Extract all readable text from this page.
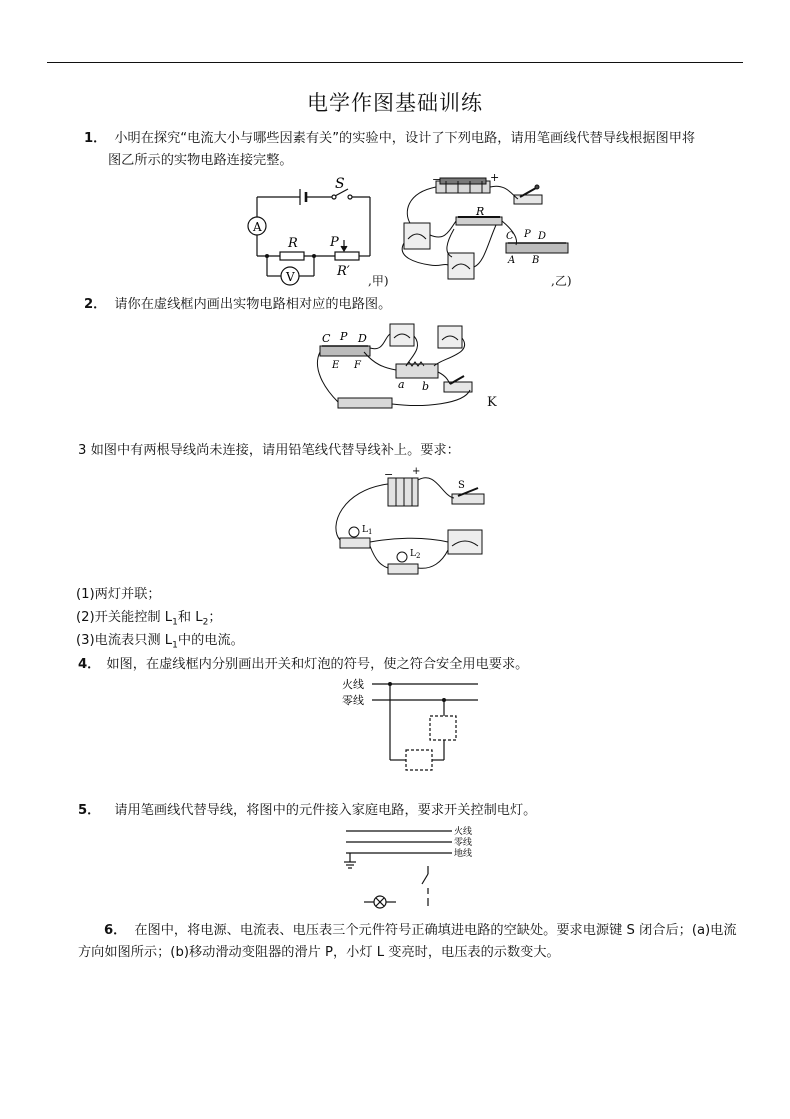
电学作图基础训练
1． 小明在探究“电流大小与哪些因素有关”的实验中，设计了下列电路，请用笔画线代替导线根据图甲将
图乙所示的实物电路连接完整。
A
V
S
R P
R′
,甲)
−	+
R
C P D
A B
,乙)
2． 请你在虚线框内画出实物电路相对应的电路图。
C P D
E F
a b
K
3 如图中有两根导线尚未连接，请用铅笔线代替导线补上。要求：
− +
S
$L_1$
$L_2$
(1)两灯并联；
(2)开关能控制 $L_1$和 $L_2$；
(3)电流表只测 $L_1$中的电流。
4． 如图，在虚线框内分别画出开关和灯泡的符号，使之符合安全用电要求。
火线
零线
5． 请用笔画线代替导线，将图中的元件接入家庭电路，要求开关控制电灯。
火线
零线
地线
6． 在图中，将电源、电流表、电压表三个元件符号正确填进电路的空缺处。要求电源键 S 闭合后；(a)电流
方向如图所示；(b)移动滑动变阻器的滑片 P，小灯 L 变亮时，电压表的示数变大。
